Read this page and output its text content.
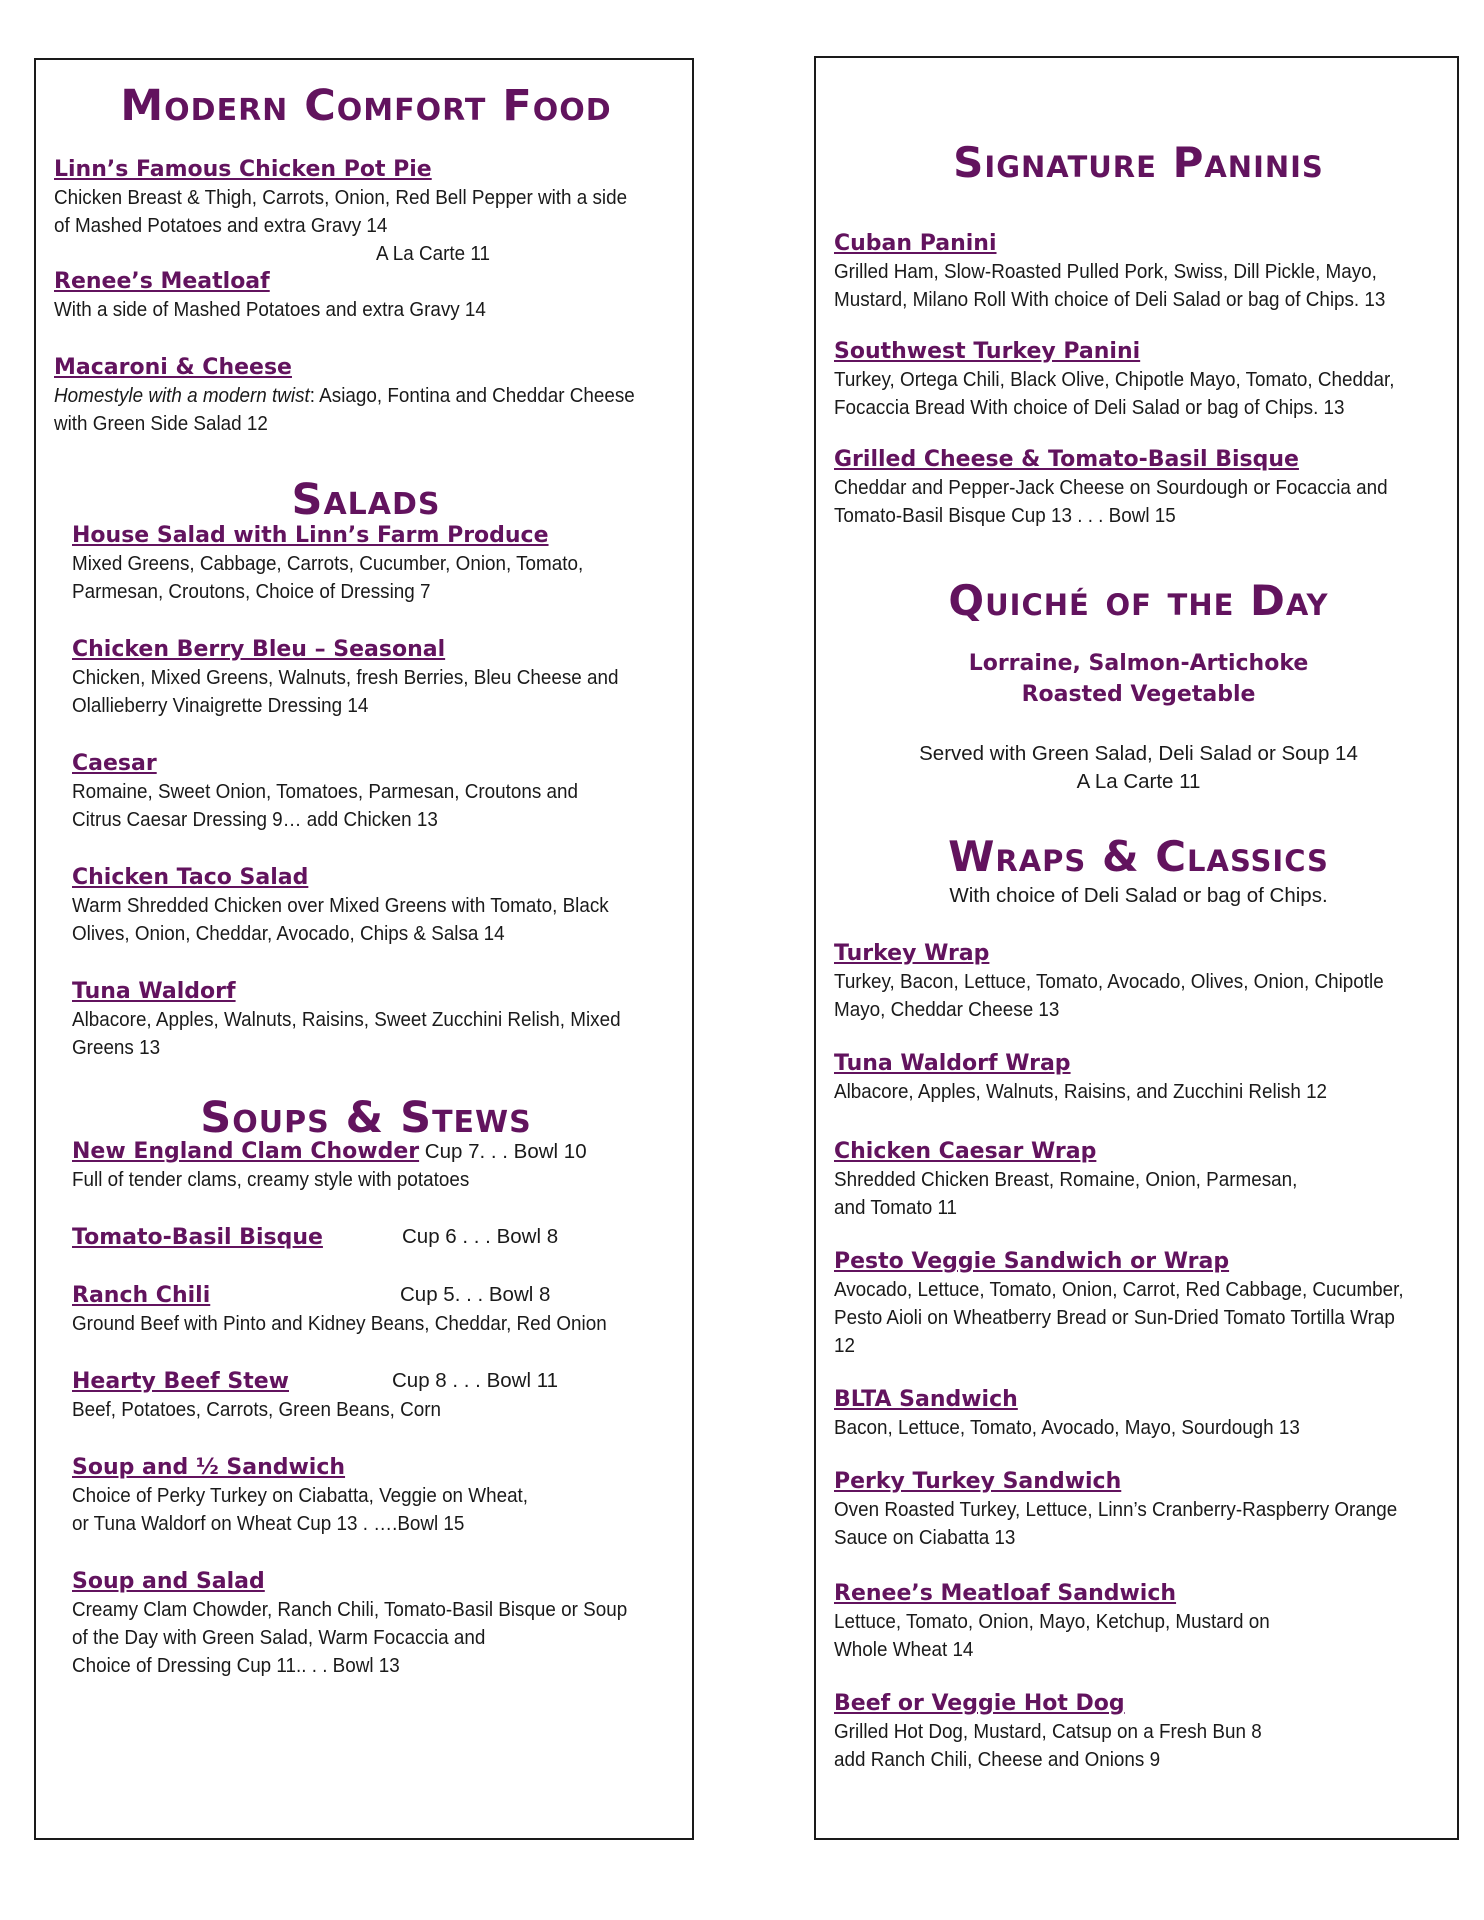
Modern Comfort Food
Linn’s Famous Chicken Pot Pie
Chicken Breast & Thigh, Carrots, Onion, Red Bell Pepper with a side
of Mashed Potatoes and extra Gravy 14
A La Carte 11
Renee’s Meatloaf
With a side of Mashed Potatoes and extra Gravy 14
Macaroni & Cheese
Homestyle with a modern twist: Asiago, Fontina and Cheddar Cheese
with Green Side Salad 12
Salads
House Salad with Linn’s Farm Produce
Mixed Greens, Cabbage, Carrots, Cucumber, Onion, Tomato,
Parmesan, Croutons, Choice of Dressing 7
Chicken Berry Bleu – Seasonal
Chicken, Mixed Greens, Walnuts, fresh Berries, Bleu Cheese and
Olallieberry Vinaigrette Dressing 14
Caesar
Romaine, Sweet Onion, Tomatoes, Parmesan, Croutons and
Citrus Caesar Dressing 9… add Chicken 13
Chicken Taco Salad
Warm Shredded Chicken over Mixed Greens with Tomato, Black
Olives, Onion, Cheddar, Avocado, Chips & Salsa 14
Tuna Waldorf
Albacore, Apples, Walnuts, Raisins, Sweet Zucchini Relish, Mixed
Greens 13
Soups & Stews
New England Clam Chowder Cup 7. . . Bowl 10
Full of tender clams, creamy style with potatoes
Tomato-Basil Bisque	Cup 6 . . . Bowl 8
Ranch Chili	Cup 5. . . Bowl 8
Ground Beef with Pinto and Kidney Beans, Cheddar, Red Onion
Hearty Beef Stew	Cup 8 . . . Bowl 11
Beef, Potatoes, Carrots, Green Beans, Corn
Soup and ½ Sandwich
Choice of Perky Turkey on Ciabatta, Veggie on Wheat,
or Tuna Waldorf on Wheat Cup 13 . ….Bowl 15
Soup and Salad
Creamy Clam Chowder, Ranch Chili, Tomato-Basil Bisque or Soup
of the Day with Green Salad, Warm Focaccia and
Choice of Dressing Cup 11.. . . Bowl 13
Signature Paninis
Cuban Panini
Grilled Ham, Slow-Roasted Pulled Pork, Swiss, Dill Pickle, Mayo,
Mustard, Milano Roll With choice of Deli Salad or bag of Chips. 13
Southwest Turkey Panini
Turkey, Ortega Chili, Black Olive, Chipotle Mayo, Tomato, Cheddar,
Focaccia Bread With choice of Deli Salad or bag of Chips. 13
Grilled Cheese & Tomato-Basil Bisque
Cheddar and Pepper-Jack Cheese on Sourdough or Focaccia and
Tomato-Basil Bisque Cup 13 . . . Bowl 15
Quiché of the Day
Lorraine, Salmon-Artichoke
Roasted Vegetable
Served with Green Salad, Deli Salad or Soup 14
A La Carte 11
Wraps & Classics
With choice of Deli Salad or bag of Chips.
Turkey Wrap
Turkey, Bacon, Lettuce, Tomato, Avocado, Olives, Onion, Chipotle
Mayo, Cheddar Cheese 13
Tuna Waldorf Wrap
Albacore, Apples, Walnuts, Raisins, and Zucchini Relish 12
Chicken Caesar Wrap
Shredded Chicken Breast, Romaine, Onion, Parmesan,
and Tomato 11
Pesto Veggie Sandwich or Wrap
Avocado, Lettuce, Tomato, Onion, Carrot, Red Cabbage, Cucumber,
Pesto Aioli on Wheatberry Bread or Sun-Dried Tomato Tortilla Wrap
12
BLTA Sandwich
Bacon, Lettuce, Tomato, Avocado, Mayo, Sourdough 13
Perky Turkey Sandwich
Oven Roasted Turkey, Lettuce, Linn’s Cranberry-Raspberry Orange
Sauce on Ciabatta 13
Renee’s Meatloaf Sandwich
Lettuce, Tomato, Onion, Mayo, Ketchup, Mustard on
Whole Wheat 14
Beef or Veggie Hot Dog
Grilled Hot Dog, Mustard, Catsup on a Fresh Bun 8
add Ranch Chili, Cheese and Onions 9
